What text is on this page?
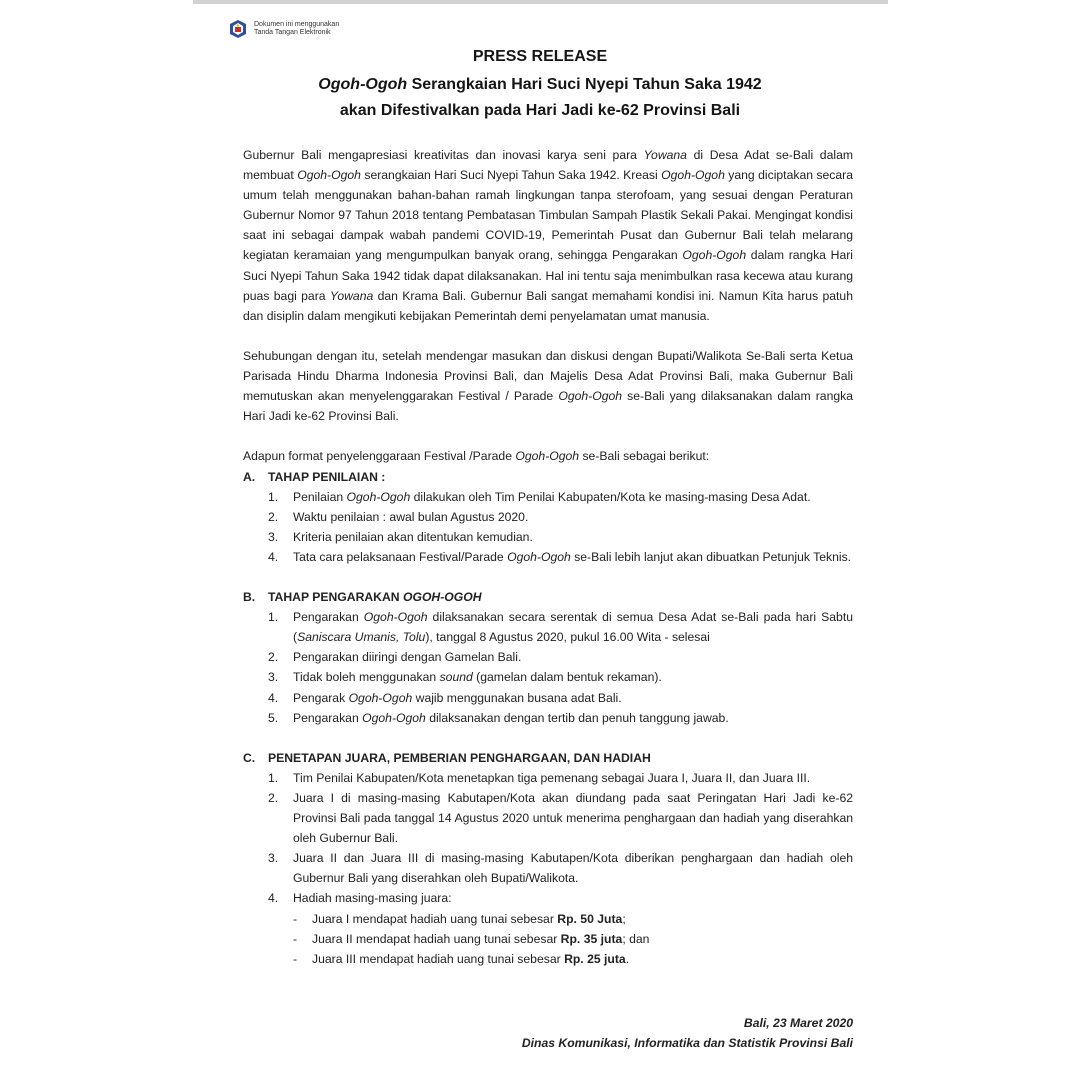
Dokumen ini menggunakan
Tanda Tangan Elektronik
PRESS RELEASE
Ogoh-Ogoh Serangkaian Hari Suci Nyepi Tahun Saka 1942
akan Difestivalkan pada Hari Jadi ke-62 Provinsi Bali

Gubernur Bali mengapresiasi kreativitas dan inovasi karya seni para Yowana di Desa Adat se-Bali dalam membuat Ogoh-Ogoh serangkaian Hari Suci Nyepi Tahun Saka 1942. Kreasi Ogoh-Ogoh yang diciptakan secara umum telah menggunakan bahan-bahan ramah lingkungan tanpa sterofoam, yang sesuai dengan Peraturan Gubernur Nomor 97 Tahun 2018 tentang Pembatasan Timbulan Sampah Plastik Sekali Pakai. Mengingat kondisi saat ini sebagai dampak wabah pandemi COVID-19, Pemerintah Pusat dan Gubernur Bali telah melarang kegiatan keramaian yang mengumpulkan banyak orang, sehingga Pengarakan Ogoh-Ogoh dalam rangka Hari Suci Nyepi Tahun Saka 1942 tidak dapat dilaksanakan. Hal ini tentu saja menimbulkan rasa kecewa atau kurang puas bagi para Yowana dan Krama Bali. Gubernur Bali sangat memahami kondisi ini. Namun Kita harus patuh dan disiplin dalam mengikuti kebijakan Pemerintah demi penyelamatan umat manusia.

Sehubungan dengan itu, setelah mendengar masukan dan diskusi dengan Bupati/Walikota Se-Bali serta Ketua Parisada Hindu Dharma Indonesia Provinsi Bali, dan Majelis Desa Adat Provinsi Bali, maka Gubernur Bali memutuskan akan menyelenggarakan Festival / Parade Ogoh-Ogoh se-Bali yang dilaksanakan dalam rangka Hari Jadi ke-62 Provinsi Bali.

Adapun format penyelenggaraan Festival /Parade Ogoh-Ogoh se-Bali sebagai berikut:

A.	TAHAP PENILAIAN :
1.	Penilaian Ogoh-Ogoh dilakukan oleh Tim Penilai Kabupaten/Kota ke masing-masing Desa Adat.
2.	Waktu penilaian : awal bulan Agustus 2020.
3.	Kriteria penilaian akan ditentukan kemudian.
4.	Tata cara pelaksanaan Festival/Parade Ogoh-Ogoh se-Bali lebih lanjut akan dibuatkan Petunjuk Teknis.
B.	TAHAP PENGARAKAN OGOH-OGOH
1.	Pengarakan Ogoh-Ogoh dilaksanakan secara serentak di semua Desa Adat se-Bali pada hari Sabtu (Saniscara Umanis, Tolu), tanggal 8 Agustus 2020, pukul 16.00 Wita - selesai
2.	Pengarakan diiringi dengan Gamelan Bali.
3.	Tidak boleh menggunakan sound (gamelan dalam bentuk rekaman).
4.	Pengarak Ogoh-Ogoh wajib menggunakan busana adat Bali.
5.	Pengarakan Ogoh-Ogoh dilaksanakan dengan tertib dan penuh tanggung jawab.
C.	PENETAPAN JUARA, PEMBERIAN PENGHARGAAN, DAN HADIAH
1.	Tim Penilai Kabupaten/Kota menetapkan tiga pemenang sebagai Juara I, Juara II, dan Juara III.
2.	Juara I di masing-masing Kabutapen/Kota akan diundang pada saat Peringatan Hari Jadi ke-62 Provinsi Bali pada tanggal 14 Agustus 2020 untuk menerima penghargaan dan hadiah yang diserahkan oleh Gubernur Bali.
3.	Juara II dan Juara III di masing-masing Kabutapen/Kota diberikan penghargaan dan hadiah oleh Gubernur Bali yang diserahkan oleh Bupati/Walikota.
4.	Hadiah masing-masing juara:
-	Juara I mendapat hadiah uang tunai sebesar Rp. 50 Juta;
-	Juara II mendapat hadiah uang tunai sebesar Rp. 35 juta; dan
-	Juara III mendapat hadiah uang tunai sebesar Rp. 25 juta.
Bali, 23 Maret 2020
Dinas Komunikasi, Informatika dan Statistik Provinsi Bali
